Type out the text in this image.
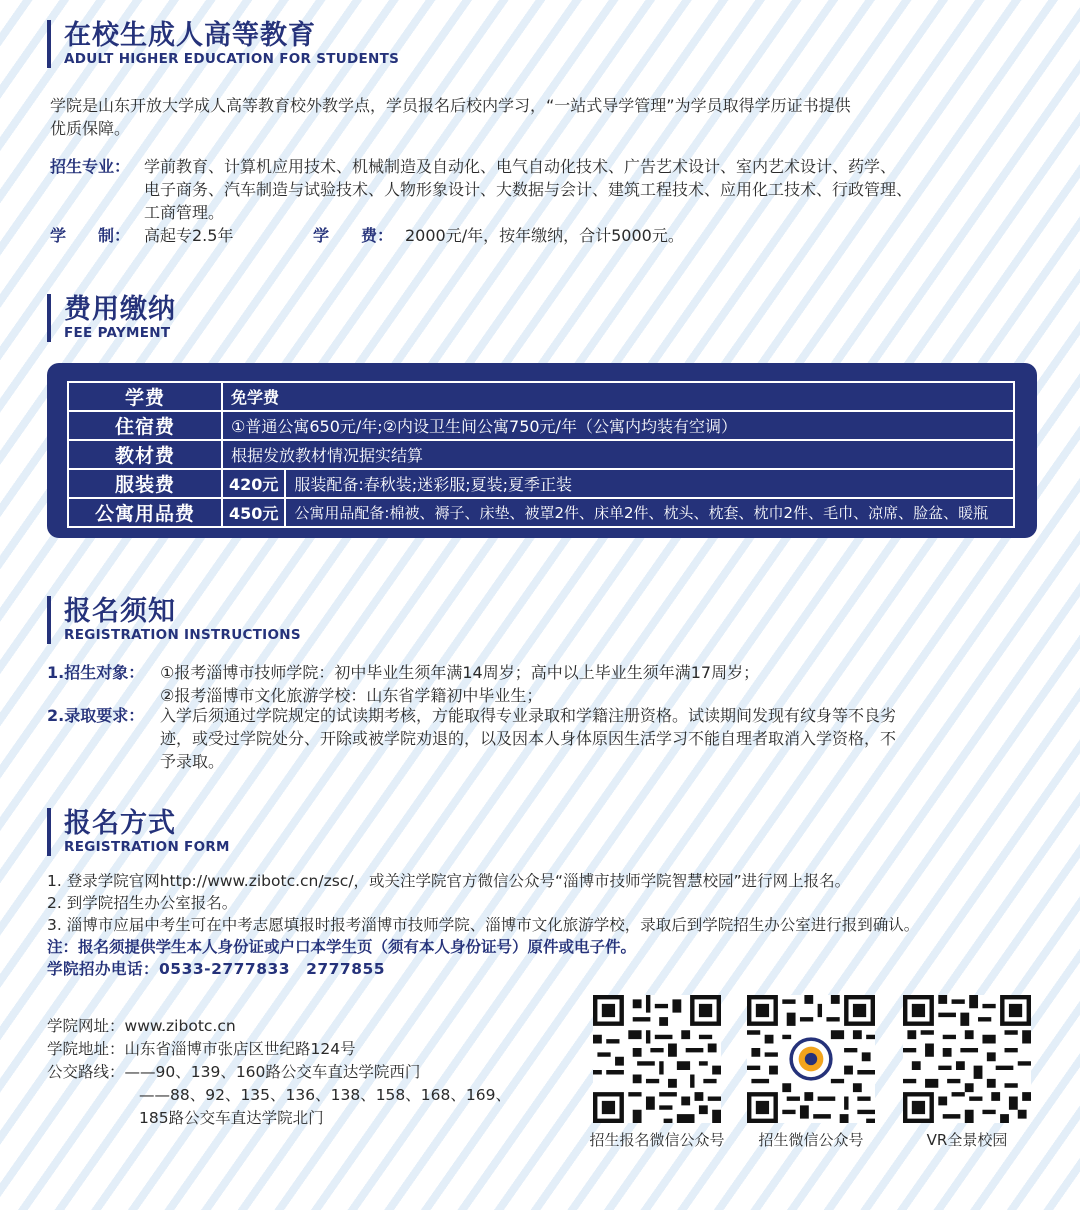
在校生成人高等教育
ADULT HIGHER EDUCATION FOR STUDENTS
学院是山东开放大学成人高等教育校外教学点，学员报名后校内学习，“一站式导学管理”为学员取得学历证书提供
优质保障。
招生专业： 学前教育、计算机应用技术、机械制造及自动化、电气自动化技术、广告艺术设计、室内艺术设计、药学、
电子商务、汽车制造与试验技术、人物形象设计、大数据与会计、建筑工程技术、应用化工技术、行政管理、
工商管理。
学　　制： 高起专2.5年	学　　费： 2000元/年，按年缴纳，合计5000元。
费用缴纳
FEE PAYMENT
学费	免学费	
住宿费	①普通公寓650元/年;②内设卫生间公寓750元/年（公寓内均装有空调）	
教材费	根据发放教材情况据实结算	
服装费	420元	服装配备:春秋装;迷彩服;夏装;夏季正装
公寓用品费	450元	公寓用品配备:棉被、褥子、床垫、被罩2件、床单2件、枕头、枕套、枕巾2件、毛巾、凉席、脸盆、暖瓶
报名须知
REGISTRATION INSTRUCTIONS
1.招生对象： ①报考淄博市技师学院：初中毕业生须年满14周岁；高中以上毕业生须年满17周岁；
②报考淄博市文化旅游学校：山东省学籍初中毕业生；
2.录取要求： 入学后须通过学院规定的试读期考核，方能取得专业录取和学籍注册资格。试读期间发现有纹身等不良劣
迹，或受过学院处分、开除或被学院劝退的，以及因本人身体原因生活学习不能自理者取消入学资格，不
予录取。
报名方式
REGISTRATION FORM
1. 登录学院官网http://www.zibotc.cn/zsc/，或关注学院官方微信公众号“淄博市技师学院智慧校园”进行网上报名。
2. 到学院招生办公室报名。
3. 淄博市应届中考生可在中考志愿填报时报考淄博市技师学院、淄博市文化旅游学校，录取后到学院招生办公室进行报到确认。
注：报名须提供学生本人身份证或户口本学生页（须有本人身份证号）原件或电子件。
学院招办电话：0533-2777833　2777855
学院网址：www.zibotc.cn
学院地址：山东省淄博市张店区世纪路124号
公交路线：——90、139、160路公交车直达学院西门
——88、92、135、136、138、158、168、169、
185路公交车直达学院北门
招生报名微信公众号	招生微信公众号	VR全景校园
